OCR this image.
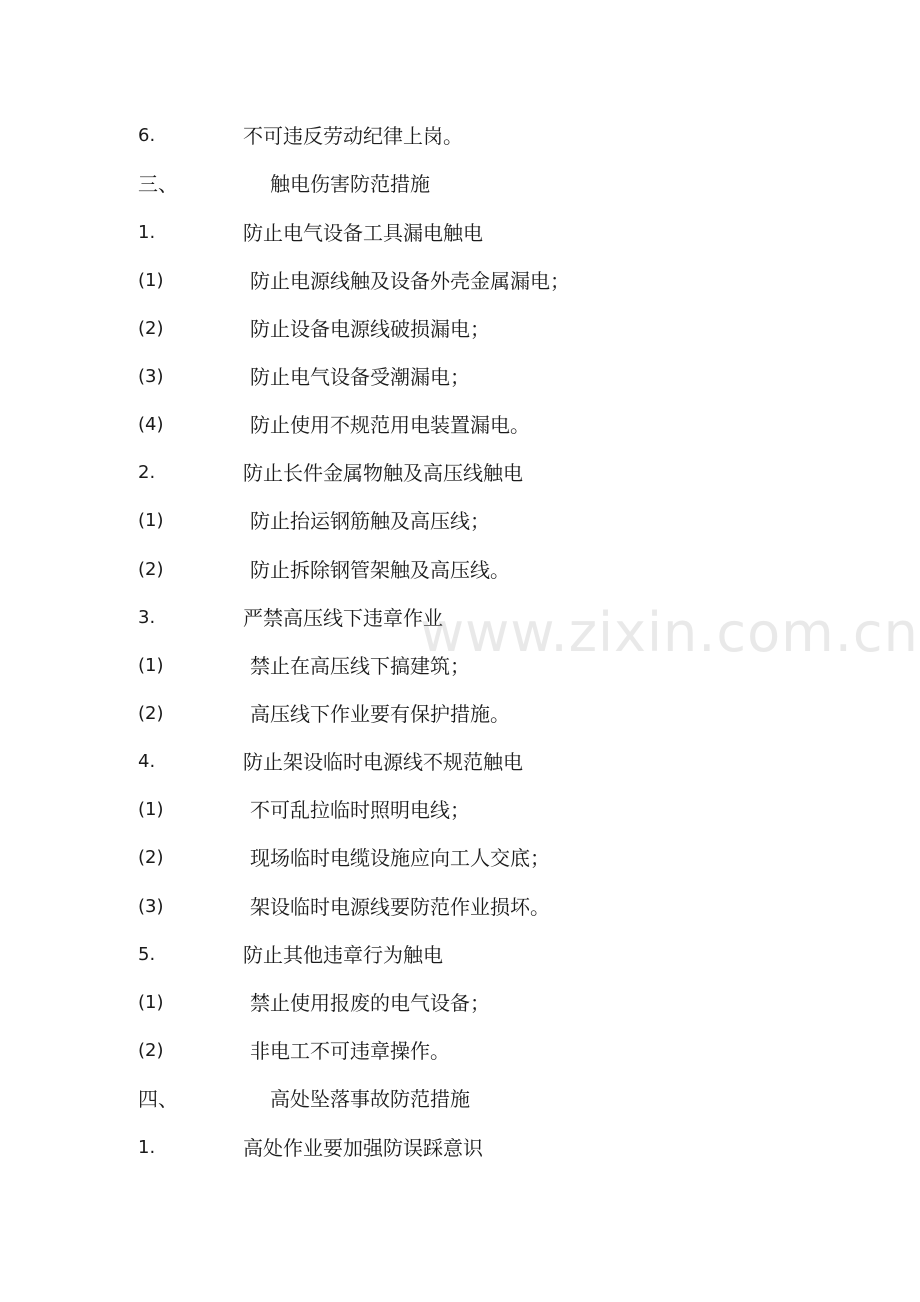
6.	不可违反劳动纪律上岗。
三、	触电伤害防范措施
1.	防止电气设备工具漏电触电
(1)	防止电源线触及设备外壳金属漏电；
(2)	防止设备电源线破损漏电；
(3)	防止电气设备受潮漏电；
(4)	防止使用不规范用电装置漏电。
2.	防止长件金属物触及高压线触电
(1)	防止抬运钢筋触及高压线；
(2)	防止拆除钢管架触及高压线。
3.	严禁高压线下违章作业
(1)	禁止在高压线下搞建筑；
(2)	高压线下作业要有保护措施。
4.	防止架设临时电源线不规范触电
(1)	不可乱拉临时照明电线；
(2)	现场临时电缆设施应向工人交底；
(3)	架设临时电源线要防范作业损坏。
5.	防止其他违章行为触电
(1)	禁止使用报废的电气设备；
(2)	非电工不可违章操作。
四、	高处坠落事故防范措施
1.	高处作业要加强防误踩意识
www.zixin.com.cn
